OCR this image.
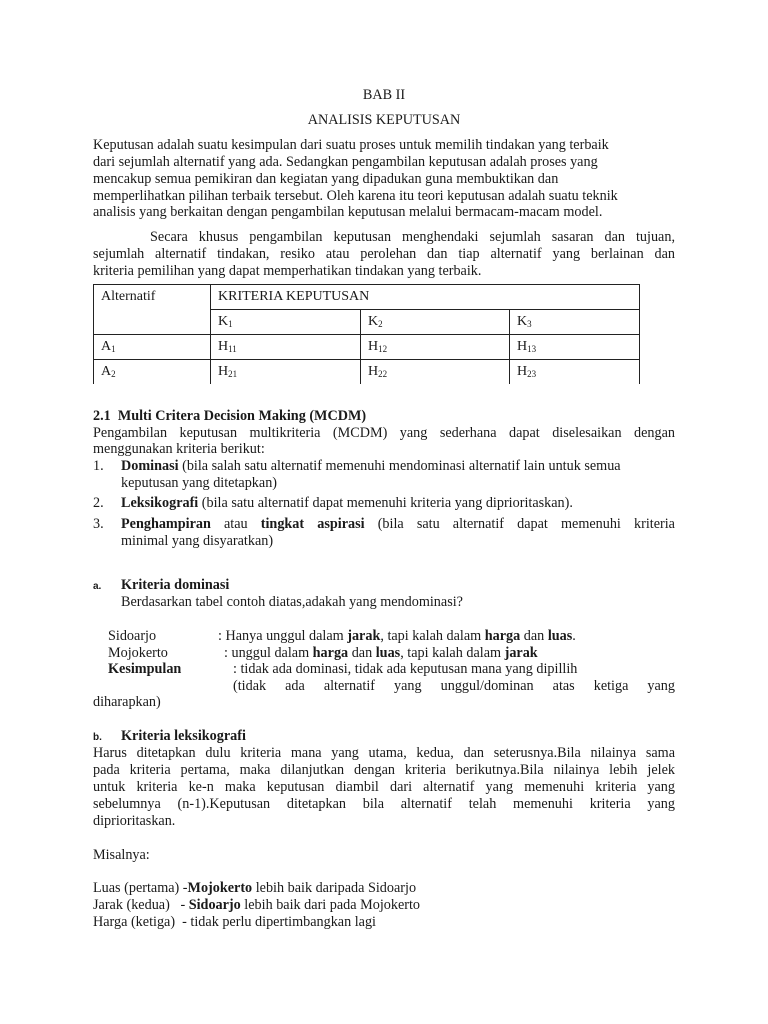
BAB II
ANALISIS KEPUTUSAN
Keputusan adalah suatu kesimpulan dari suatu proses untuk memilih tindakan yang terbaik
dari sejumlah alternatif yang ada. Sedangkan pengambilan keputusan adalah proses yang
mencakup semua pemikiran dan kegiatan yang dipadukan guna membuktikan dan
memperlihatkan pilihan terbaik tersebut. Oleh karena itu teori keputusan adalah suatu teknik
analisis yang berkaitan dengan pengambilan keputusan melalui bermacam-macam model.
Secara khusus pengambilan keputusan menghendaki sejumlah sasaran dan tujuan,
sejumlah alternatif tindakan, resiko atau perolehan dan tiap alternatif yang berlainan dan
kriteria pemilihan yang dapat memperhatikan tindakan yang terbaik.
Alternatif	KRITERIA KEPUTUSAN		
	$K_1$	$K_2$	$K_3$
$A_1$	$H_{11}$	$H_{12}$	$H_{13}$
$A_2$	$H_{21}$	$H_{22}$	$H_{23}$
2.1 Multi Critera Decision Making (MCDM)
Pengambilan keputusan multikriteria (MCDM) yang sederhana dapat diselesaikan dengan
menggunakan kriteria berikut:
1. Dominasi (bila salah satu alternatif memenuhi mendominasi alternatif lain untuk semua
keputusan yang ditetapkan)
2. Leksikografi (bila satu alternatif dapat memenuhi kriteria yang diprioritaskan).
3. Penghampiran atau tingkat aspirasi (bila satu alternatif dapat memenuhi kriteria
minimal yang disyaratkan)
a. Kriteria dominasi
Berdasarkan tabel contoh diatas,adakah yang mendominasi?
Sidoarjo	: Hanya unggul dalam jarak, tapi kalah dalam harga dan luas.
Mojokerto	: unggul dalam harga dan luas, tapi kalah dalam jarak
Kesimpulan	: tidak ada dominasi, tidak ada keputusan mana yang dipillih
(tidak ada alternatif yang unggul/dominan atas ketiga yang
diharapkan)
b. Kriteria leksikografi
Harus ditetapkan dulu kriteria mana yang utama, kedua, dan seterusnya.Bila nilainya sama
pada kriteria pertama, maka dilanjutkan dengan kriteria berikutnya.Bila nilainya lebih jelek
untuk kriteria ke-n maka keputusan diambil dari alternatif yang memenuhi kriteria yang
sebelumnya (n-1).Keputusan ditetapkan bila alternatif telah memenuhi kriteria yang
diprioritaskan.
Misalnya:
Luas (pertama) -Mojokerto lebih baik daripada Sidoarjo
Jarak (kedua)   - Sidoarjo lebih baik dari pada Mojokerto
Harga (ketiga)  - tidak perlu dipertimbangkan lagi
